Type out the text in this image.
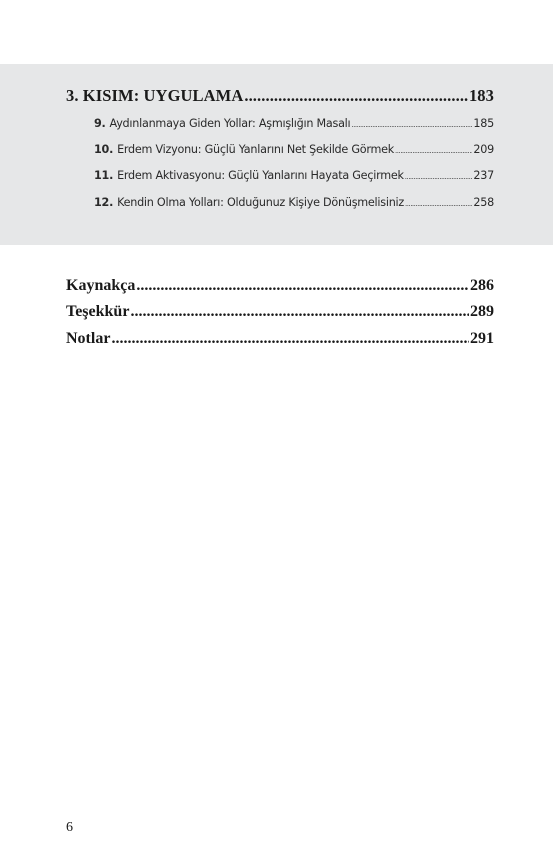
3. KISIM: UYGULAMA .....	183
9. Aydınlanmaya Giden Yollar: Aşmışlığın Masalı .....	185
10. Erdem Vizyonu: Güçlü Yanlarını Net Şekilde Görmek .....	209
11. Erdem Aktivasyonu: Güçlü Yanlarını Hayata Geçirmek .....	237
12. Kendin Olma Yolları: Olduğunuz Kişiye Dönüşmelisiniz .....	258
Kaynakça .....	286
Teşekkür .....	289
Notlar .....	291
6
